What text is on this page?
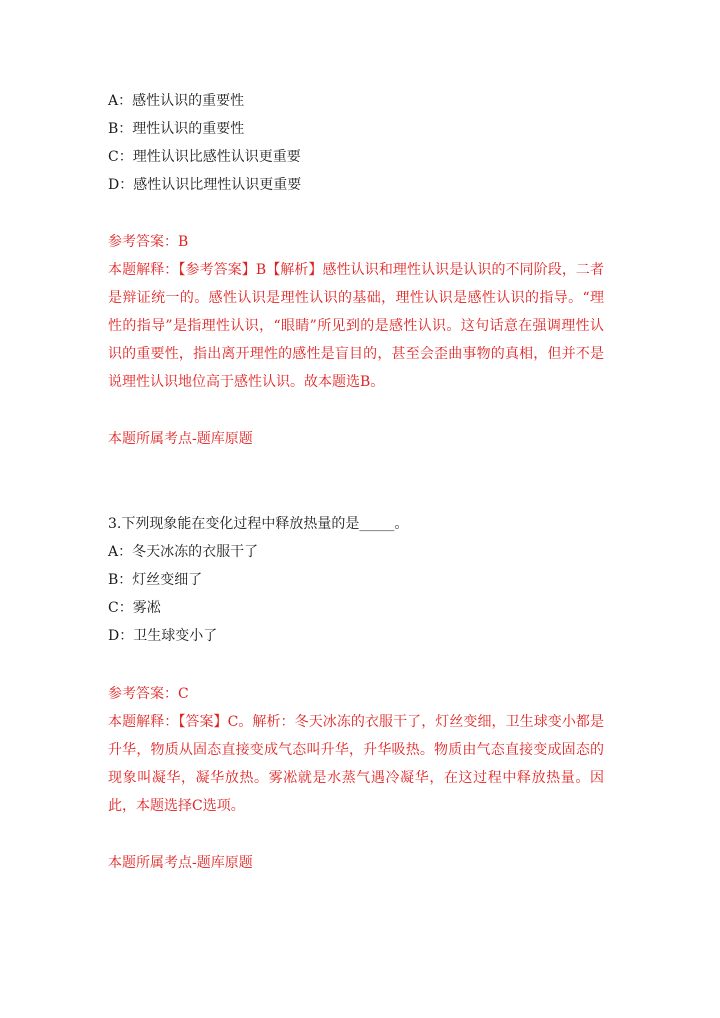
A：感性认识的重要性
B：理性认识的重要性
C：理性认识比感性认识更重要
D：感性认识比理性认识更重要
参考答案：B
本题解释：【参考答案】B【解析】感性认识和理性认识是认识的不同阶段，二者是辩证统一的。感性认识是理性认识的基础，理性认识是感性认识的指导。“理性的指导”是指理性认识，“眼睛”所见到的是感性认识。这句话意在强调理性认识的重要性，指出离开理性的感性是盲目的，甚至会歪曲事物的真相，但并不是说理性认识地位高于感性认识。故本题选B。
本题所属考点-题库原题
3.下列现象能在变化过程中释放热量的是_____。
A：冬天冰冻的衣服干了
B：灯丝变细了
C：雾凇
D：卫生球变小了
参考答案：C
本题解释：【答案】C。解析：冬天冰冻的衣服干了，灯丝变细，卫生球变小都是升华，物质从固态直接变成气态叫升华，升华吸热。物质由气态直接变成固态的现象叫凝华，凝华放热。雾凇就是水蒸气遇冷凝华，在这过程中释放热量。因此，本题选择C选项。
本题所属考点-题库原题
